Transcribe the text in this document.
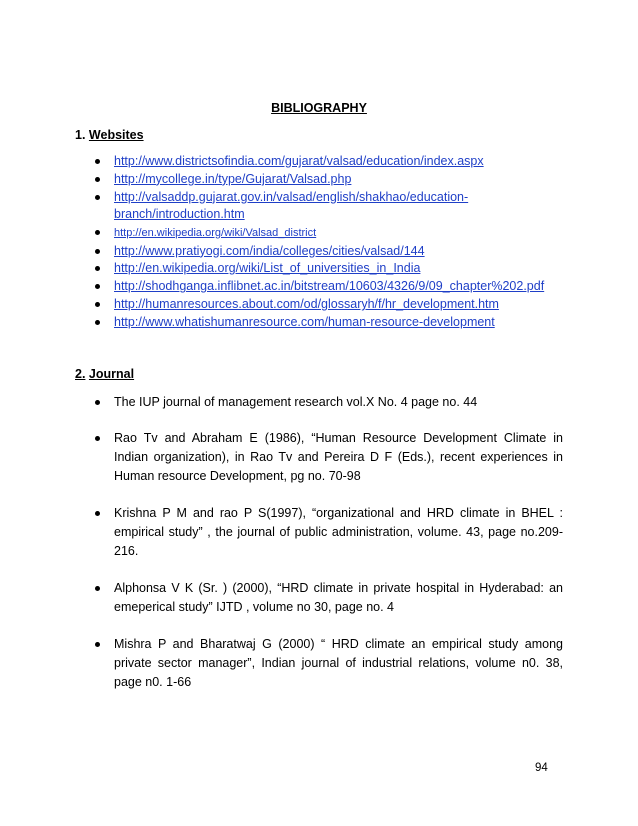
BIBLIOGRAPHY
1. Websites
http://www.districtsofindia.com/gujarat/valsad/education/index.aspx
http://mycollege.in/type/Gujarat/Valsad.php
http://valsaddp.gujarat.gov.in/valsad/english/shakhao/education-branch/introduction.htm
http://en.wikipedia.org/wiki/Valsad_district
http://www.pratiyogi.com/india/colleges/cities/valsad/144
http://en.wikipedia.org/wiki/List_of_universities_in_India
http://shodhganga.inflibnet.ac.in/bitstream/10603/4326/9/09_chapter%202.pdf
http://humanresources.about.com/od/glossaryh/f/hr_development.htm
http://www.whatishumanresource.com/human-resource-development
2. Journal
The IUP journal of management research vol.X No. 4 page no. 44
Rao Tv and Abraham E (1986), “Human Resource Development Climate in Indian organization), in Rao Tv and Pereira D F (Eds.), recent experiences in Human resource Development, pg no. 70-98
Krishna P M and rao P S(1997), “organizational and HRD climate in BHEL : empirical study” , the journal of public administration, volume. 43, page no.209-216.
Alphonsa V K (Sr. ) (2000), “HRD climate in private hospital in Hyderabad: an emeperical study” IJTD , volume no 30, page no. 4
Mishra P and Bharatwaj G (2000) “ HRD climate an empirical study among private sector manager”, Indian journal of industrial relations, volume n0. 38, page n0. 1-66
94
